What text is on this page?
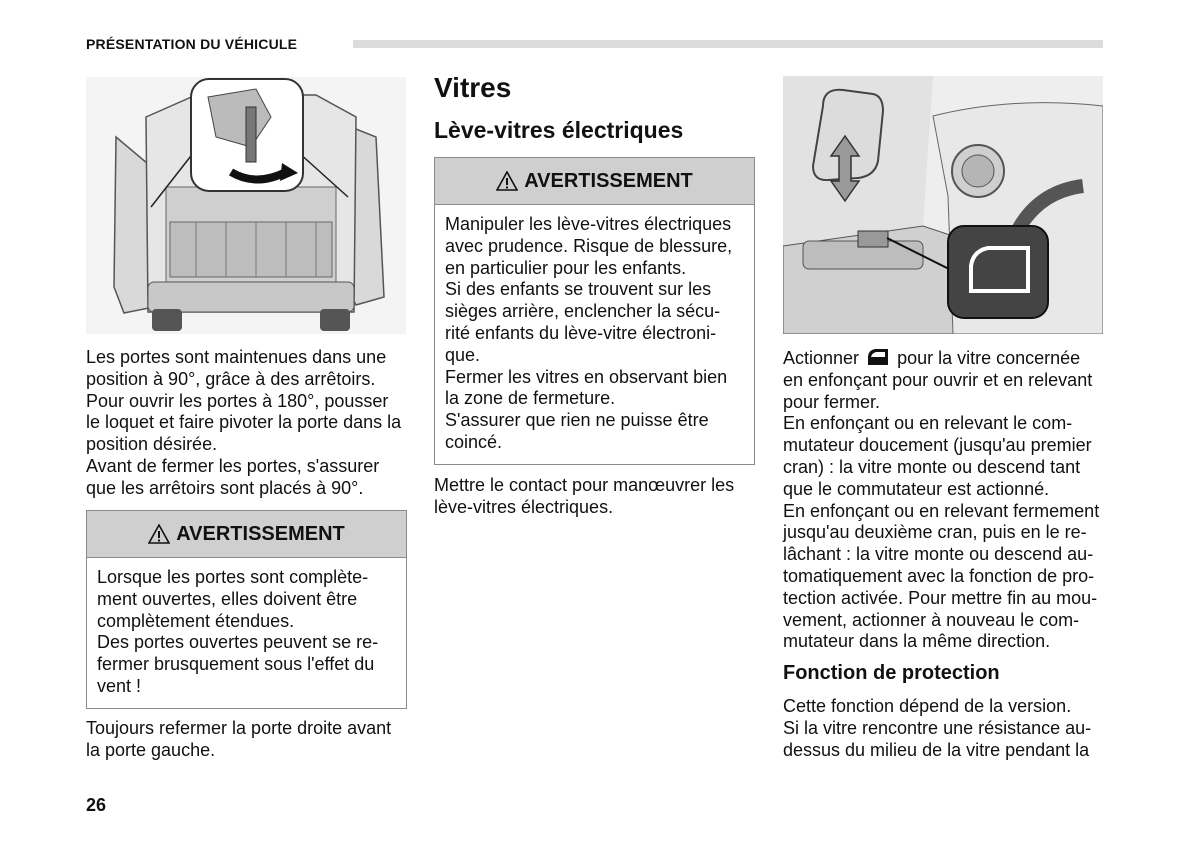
PRÉSENTATION DU VÉHICULE

Les portes sont maintenues dans une

position à 90°, grâce à des arrêtoirs.

Pour ouvrir les portes à 180°, pousser

le loquet et faire pivoter la porte dans la

position désirée.

Avant de fermer les portes, s'assurer

que les arrêtoirs sont placés à 90°.

AVERTISSEMENT

Lorsque les portes sont complète-

ment ouvertes, elles doivent être

complètement étendues.

Des portes ouvertes peuvent se re-

fermer brusquement sous l'effet du

vent !

Toujours refermer la porte droite avant

la porte gauche.

Vitres
Lève-vitres électriques
AVERTISSEMENT

Manipuler les lève-vitres électriques

avec prudence. Risque de blessure,

en particulier pour les enfants.

Si des enfants se trouvent sur les

sièges arrière, enclencher la sécu-

rité enfants du lève-vitre électroni-

que.

Fermer les vitres en observant bien

la zone de fermeture.

S'assurer que rien ne puisse être

coincé.

Mettre le contact pour manœuvrer les

lève-vitres électriques.

Actionner pour la vitre concernée

en enfonçant pour ouvrir et en relevant

pour fermer.

En enfonçant ou en relevant le com-

mutateur doucement (jusqu'au premier

cran) : la vitre monte ou descend tant

que le commutateur est actionné.

En enfonçant ou en relevant fermement

jusqu'au deuxième cran, puis en le re-

lâchant : la vitre monte ou descend au-

tomatiquement avec la fonction de pro-

tection activée. Pour mettre fin au mou-

vement, actionner à nouveau le com-

mutateur dans la même direction.

Fonction de protection

Cette fonction dépend de la version.

Si la vitre rencontre une résistance au-

dessus du milieu de la vitre pendant la

26
